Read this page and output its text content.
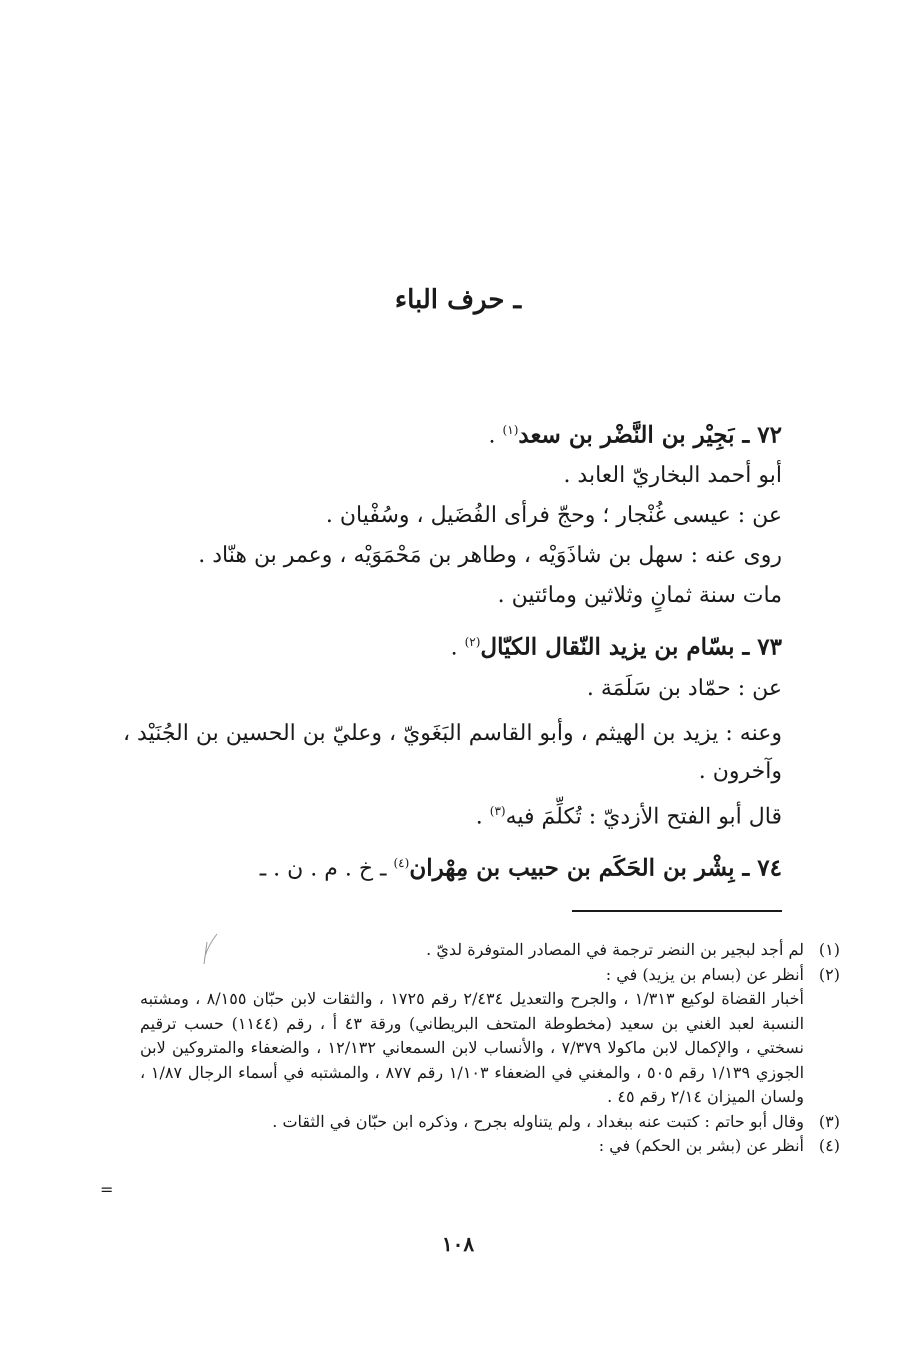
ـ حرف الباء
٧٢ ـ بَجِيْر بن النَّضْر بن سعد$^{(١)}$ .
أبو أحمد البخاريّ العابد .
عن : عيسى غُنْجار ؛ وحجّ فرأى الفُضَيل ، وسُفْيان .
روى عنه : سهل بن شاذَوَيْه ، وطاهر بن مَحْمَوَيْه ، وعمر بن هنّاد .
مات سنة ثمانٍ وثلاثين ومائتين .
٧٣ ـ بسّام بن يزيد النّقال الكيّال$^{(٢)}$ .
عن : حمّاد بن سَلَمَة .
وعنه : يزيد بن الهيثم ، وأبو القاسم البَغَويّ ، وعليّ بن الحسين بن الجُنَيْد ، وآخرون .
قال أبو الفتح الأزديّ : تُكلِّمَ فيه$^{(٣)}$ .
٧٤ ـ بِشْر بن الحَكَم بن حبيب بن مِهْران$^{(٤)}$ ـ خ . م . ن . ـ
(١)
لم أجد لبجير بن النضر ترجمة في المصادر المتوفرة لديّ .
(٢)
أنظر عن (بسام بن يزيد) في :
أخبار القضاة لوكيع ١/٣١٣ ، والجرح والتعديل ٢/٤٣٤ رقم ١٧٢٥ ، والثقات لابن حبّان ٨/١٥٥ ، ومشتبه النسبة لعبد الغني بن سعيد (مخطوطة المتحف البريطاني) ورقة ٤٣ أ ، رقم (١١٤٤) حسب ترقيم نسختي ، والإكمال لابن ماكولا ٧/٣٧٩ ، والأنساب لابن السمعاني ١٢/١٣٢ ، والضعفاء والمتروكين لابن الجوزي ١/١٣٩ رقم ٥٠٥ ، والمغني في الضعفاء ١/١٠٣ رقم ٨٧٧ ، والمشتبه في أسماء الرجال ١/٨٧ ، ولسان الميزان ٢/١٤ رقم ٤٥ .
(٣)
وقال أبو حاتم : كتبت عنه ببغداد ، ولم يتناوله بجرح ، وذكره ابن حبّان في الثقات .
(٤)
أنظر عن (بشر بن الحكم) في :
=
١٠٨
